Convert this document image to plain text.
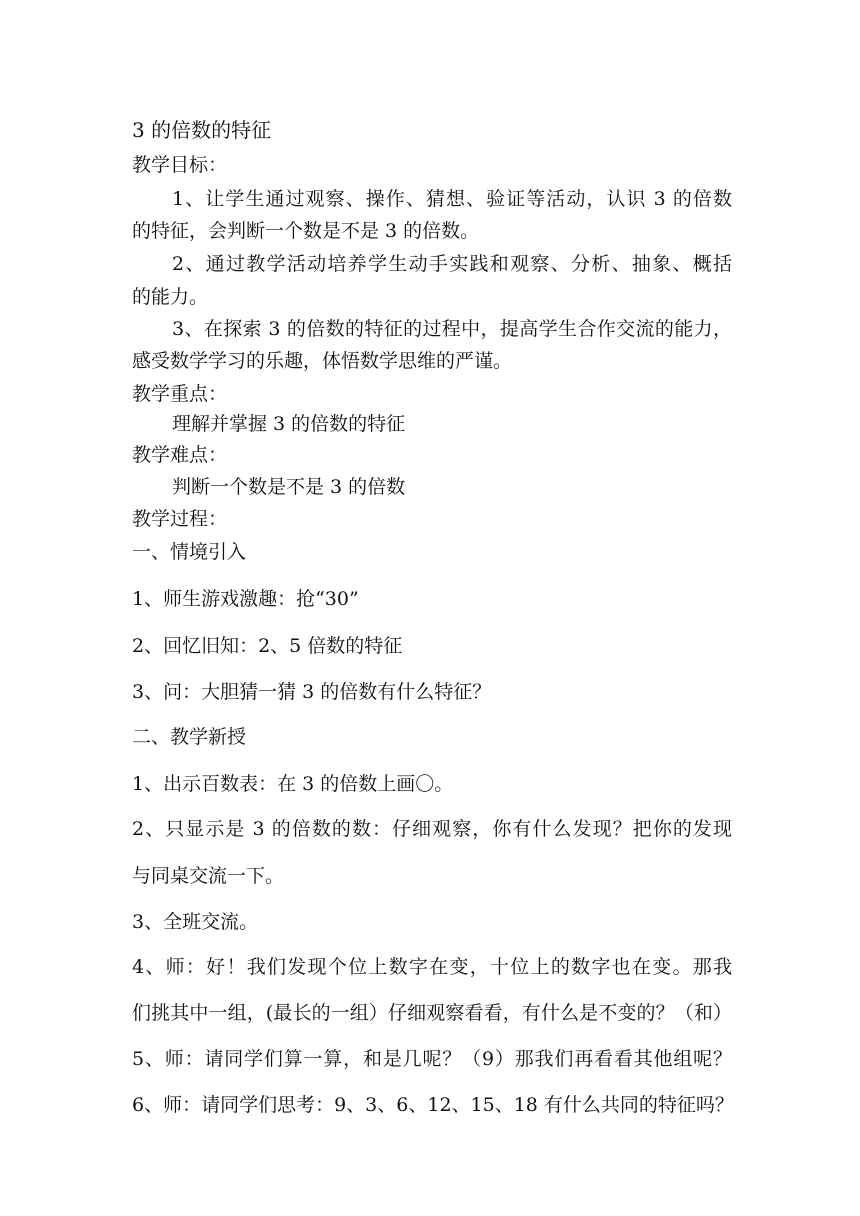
3 的倍数的特征
教学目标：
1、让学生通过观察、操作、猜想、验证等活动，认识 3 的倍数
的特征，会判断一个数是不是 3 的倍数。
2、通过教学活动培养学生动手实践和观察、分析、抽象、概括
的能力。
3、在探索 3 的倍数的特征的过程中，提高学生合作交流的能力，
感受数学学习的乐趣，体悟数学思维的严谨。
教学重点：
理解并掌握 3 的倍数的特征
教学难点：
判断一个数是不是 3 的倍数
教学过程：
一、情境引入
1、师生游戏激趣：抢“30”
2、回忆旧知：2、5 倍数的特征
3、问：大胆猜一猜 3 的倍数有什么特征？
二、教学新授
1、出示百数表：在 3 的倍数上画〇。
2、只显示是 3 的倍数的数：仔细观察，你有什么发现？把你的发现
与同桌交流一下。
3、全班交流。
4、师：好！我们发现个位上数字在变，十位上的数字也在变。那我
们挑其中一组，(最长的一组）仔细观察看看，有什么是不变的？（和）
5、师：请同学们算一算，和是几呢？（9）那我们再看看其他组呢？
6、师：请同学们思考：9、3、6、12、15、18 有什么共同的特征吗？
